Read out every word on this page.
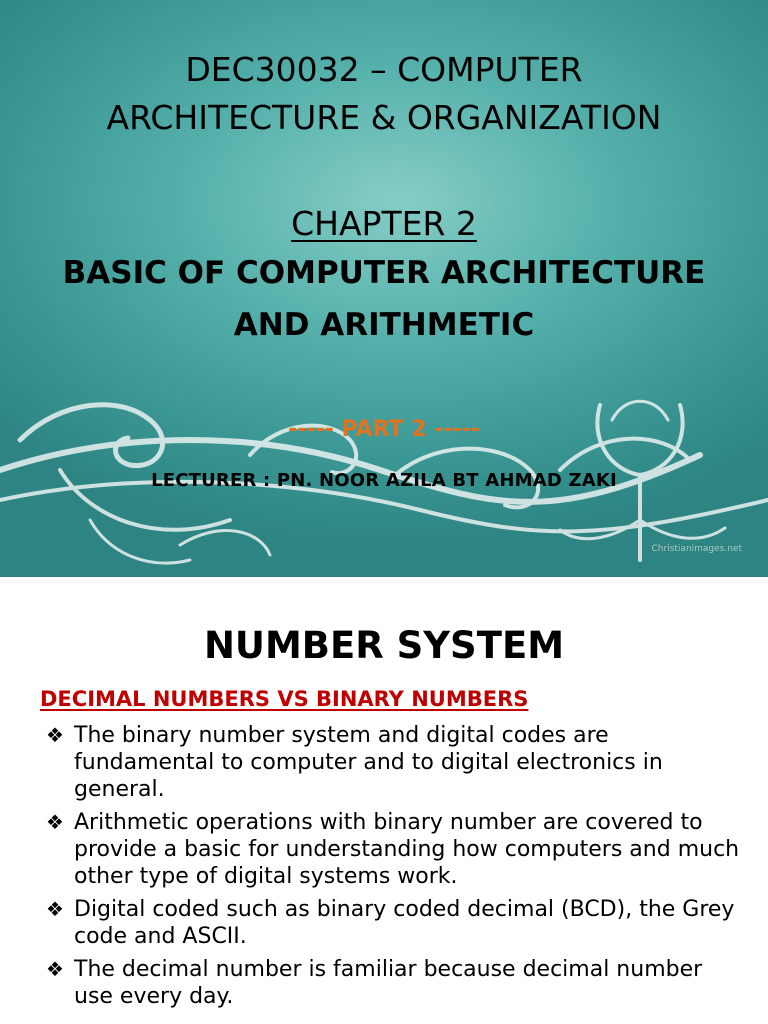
DEC30032 – COMPUTER
ARCHITECTURE & ORGANIZATION
CHAPTER 2
BASIC OF COMPUTER ARCHITECTURE
AND ARITHMETIC
----- PART 2 -----
LECTURER : PN. NOOR AZILA BT AHMAD ZAKI
Christianimages.net
NUMBER SYSTEM
DECIMAL NUMBERS VS BINARY NUMBERS
❖ The binary number system and digital codes are fundamental to computer and to digital electronics in general.
❖ Arithmetic operations with binary number are covered to provide a basic for understanding how computers and much other type of digital systems work.
❖ Digital coded such as binary coded decimal (BCD), the Grey code and ASCII.
❖ The decimal number is familiar because decimal number use every day.
